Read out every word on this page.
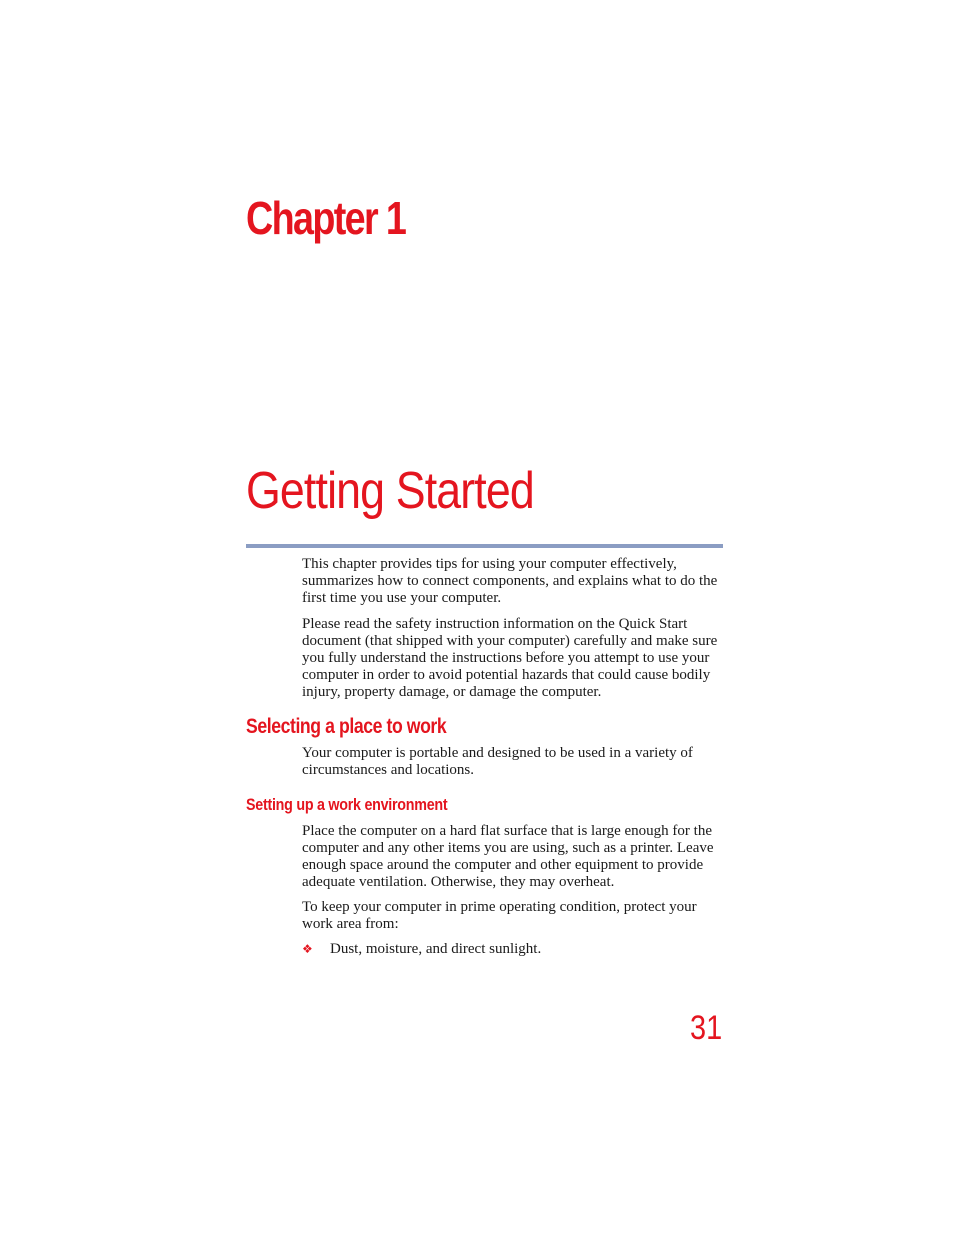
Chapter 1
Getting Started

This chapter provides tips for using your computer effectively, summarizes how to connect components, and explains what to do the first time you use your computer.

Please read the safety instruction information on the Quick Start document (that shipped with your computer) carefully and make sure you fully understand the instructions before you attempt to use your computer in order to avoid potential hazards that could cause bodily injury, property damage, or damage the computer.

Selecting a place to work

Your computer is portable and designed to be used in a variety of circumstances and locations.

Setting up a work environment

Place the computer on a hard flat surface that is large enough for the computer and any other items you are using, such as a printer. Leave enough space around the computer and other equipment to provide adequate ventilation. Otherwise, they may overheat.

To keep your computer in prime operating condition, protect your work area from:

❖	Dust, moisture, and direct sunlight.
31
